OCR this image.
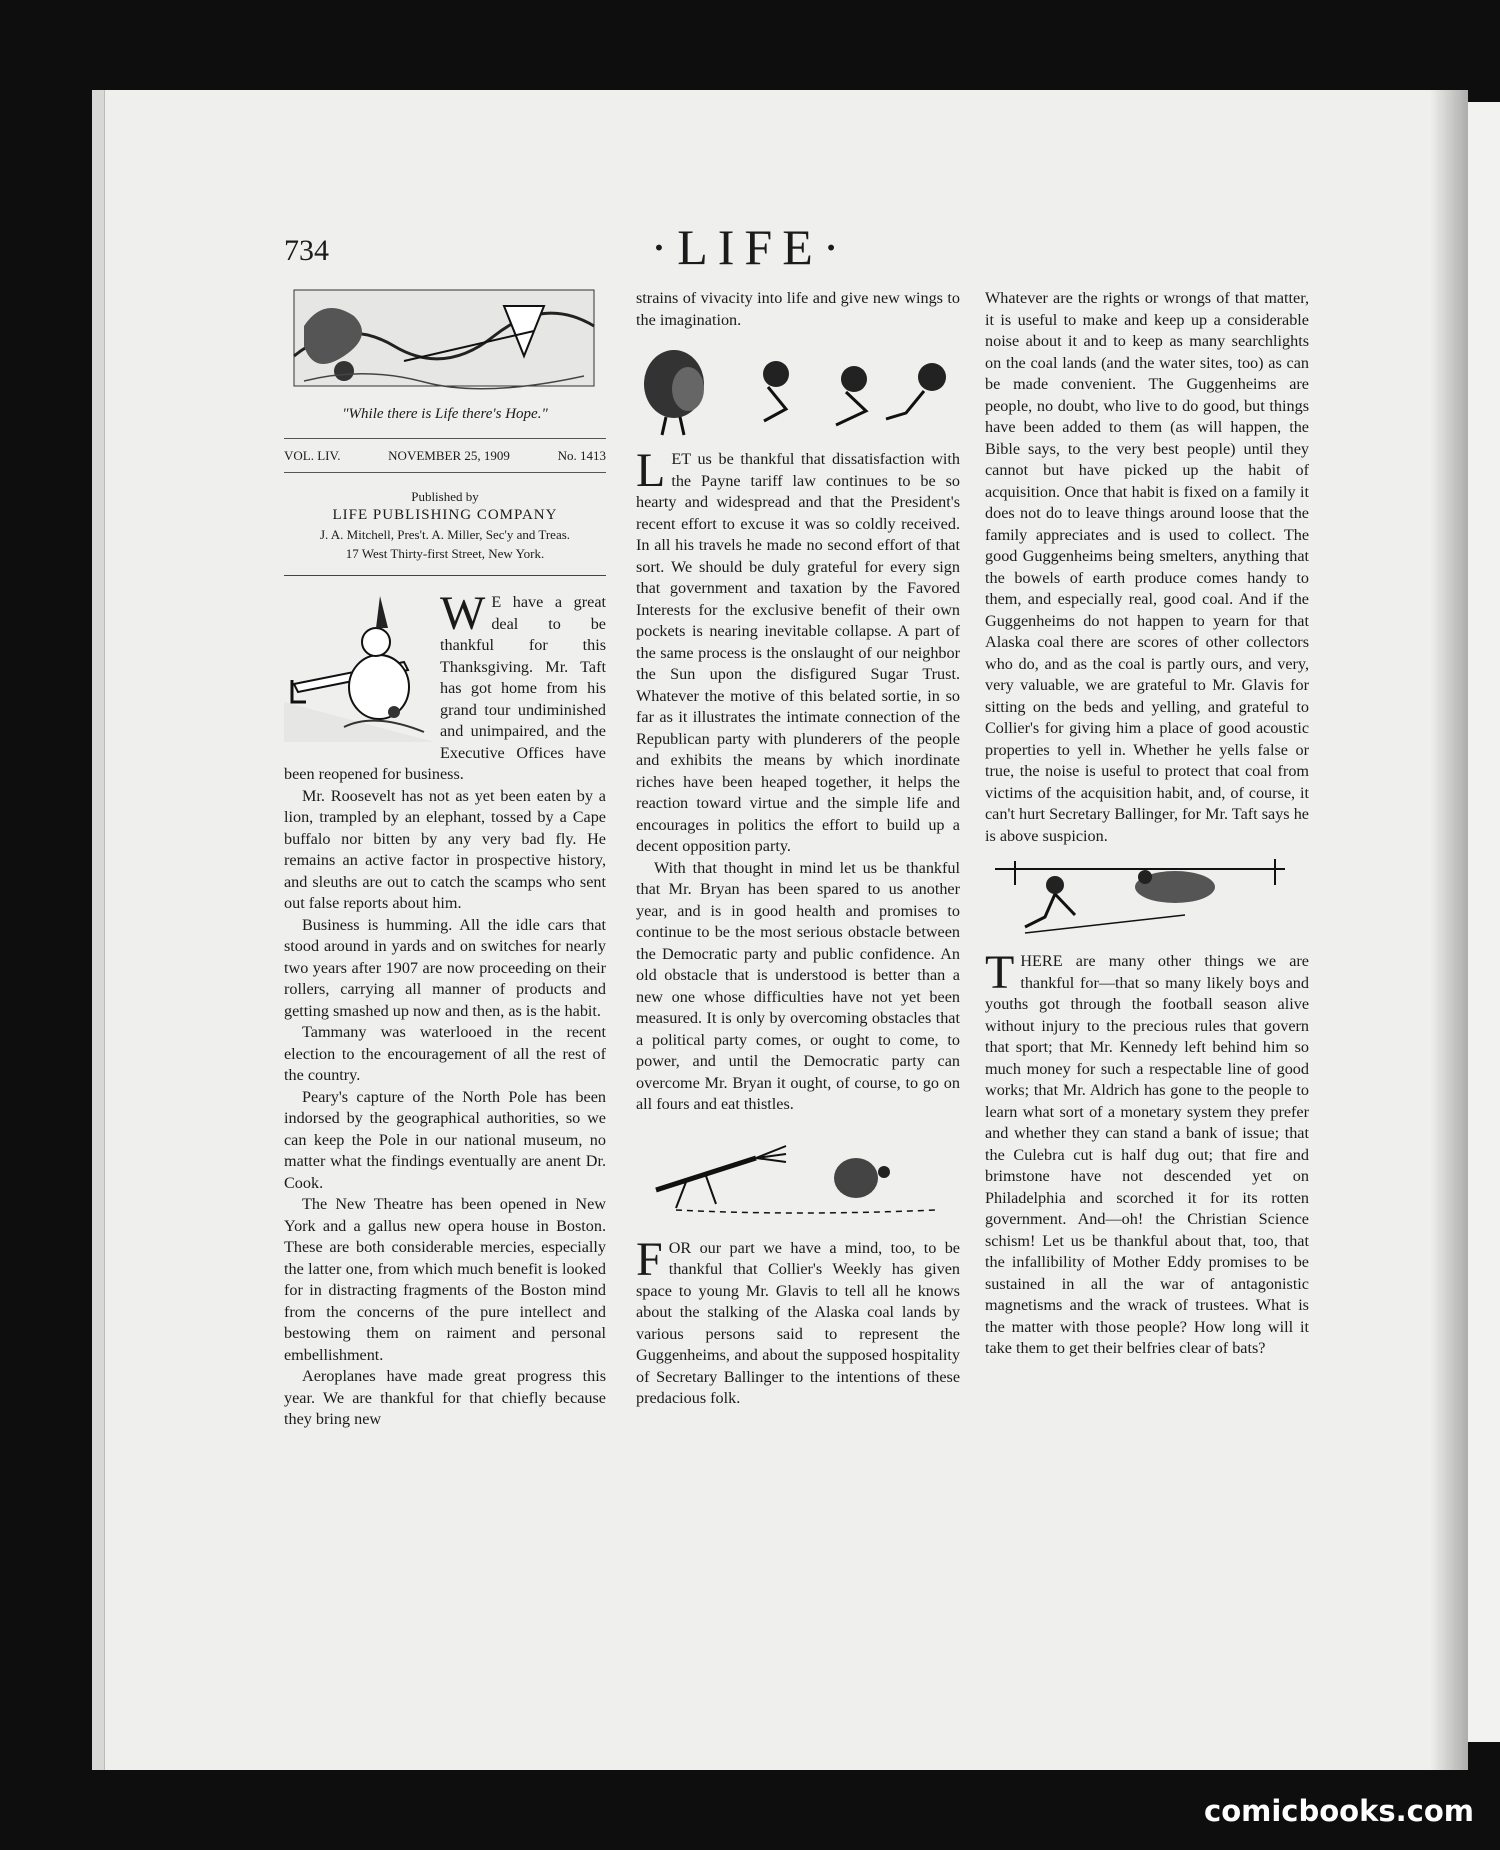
734	·LIFE·
"While there is Life there's Hope."
VOL. LIV.	NOVEMBER 25, 1909	No. 1413
Published by
LIFE PUBLISHING COMPANY
J. A. Mitchell, Pres't. A. Miller, Sec'y and Treas.
17 West Thirty-first Street, New York.

W E have a great deal to be thankful for this Thanksgiving. Mr. Taft has got home from his grand tour undiminished and unimpaired, and the Executive Offices have been reopened for business.

Mr. Roosevelt has not as yet been eaten by a lion, trampled by an elephant, tossed by a Cape buffalo nor bitten by any very bad fly. He remains an active factor in prospective history, and sleuths are out to catch the scamps who sent out false reports about him.

Business is humming. All the idle cars that stood around in yards and on switches for nearly two years after 1907 are now proceeding on their rollers, carrying all manner of products and getting smashed up now and then, as is the habit.

Tammany was waterlooed in the recent election to the encouragement of all the rest of the country.

Peary's capture of the North Pole has been indorsed by the geographical authorities, so we can keep the Pole in our national museum, no matter what the findings eventually are anent Dr. Cook.

The New Theatre has been opened in New York and a gallus new opera house in Boston. These are both considerable mercies, especially the latter one, from which much benefit is looked for in distracting fragments of the Boston mind from the concerns of the pure intellect and bestowing them on raiment and personal embellishment.

Aeroplanes have made great progress this year. We are thankful for that chiefly because they bring new

strains of vivacity into life and give new wings to the imagination.

LET us be thankful that dissatisfaction with the Payne tariff law continues to be so hearty and widespread and that the President's recent effort to excuse it was so coldly received. In all his travels he made no second effort of that sort. We should be duly grateful for every sign that government and taxation by the Favored Interests for the exclusive benefit of their own pockets is nearing inevitable collapse. A part of the same process is the onslaught of our neighbor the Sun upon the disfigured Sugar Trust. Whatever the motive of this belated sortie, in so far as it illustrates the intimate connection of the Republican party with plunderers of the people and exhibits the means by which inordinate riches have been heaped together, it helps the reaction toward virtue and the simple life and encourages in politics the effort to build up a decent opposition party.

With that thought in mind let us be thankful that Mr. Bryan has been spared to us another year, and is in good health and promises to continue to be the most serious obstacle between the Democratic party and public confidence. An old obstacle that is understood is better than a new one whose difficulties have not yet been measured. It is only by overcoming obstacles that a political party comes, or ought to come, to power, and until the Democratic party can overcome Mr. Bryan it ought, of course, to go on all fours and eat thistles.

FOR our part we have a mind, too, to be thankful that Collier's Weekly has given space to young Mr. Glavis to tell all he knows about the stalking of the Alaska coal lands by various persons said to represent the Guggenheims, and about the supposed hospitality of Secretary Ballinger to the intentions of these predacious folk.

Whatever are the rights or wrongs of that matter, it is useful to make and keep up a considerable noise about it and to keep as many searchlights on the coal lands (and the water sites, too) as can be made convenient. The Guggenheims are people, no doubt, who live to do good, but things have been added to them (as will happen, the Bible says, to the very best people) until they cannot but have picked up the habit of acquisition. Once that habit is fixed on a family it does not do to leave things around loose that the family appreciates and is used to collect. The good Guggenheims being smelters, anything that the bowels of earth produce comes handy to them, and especially real, good coal. And if the Guggenheims do not happen to yearn for that Alaska coal there are scores of other collectors who do, and as the coal is partly ours, and very, very valuable, we are grateful to Mr. Glavis for sitting on the beds and yelling, and grateful to Collier's for giving him a place of good acoustic properties to yell in. Whether he yells false or true, the noise is useful to protect that coal from victims of the acquisition habit, and, of course, it can't hurt Secretary Ballinger, for Mr. Taft says he is above suspicion.

THERE are many other things we are thankful for—that so many likely boys and youths got through the football season alive without injury to the precious rules that govern that sport; that Mr. Kennedy left behind him so much money for such a respectable line of good works; that Mr. Aldrich has gone to the people to learn what sort of a monetary system they prefer and whether they can stand a bank of issue; that the Culebra cut is half dug out; that fire and brimstone have not descended yet on Philadelphia and scorched it for its rotten government. And—oh! the Christian Science schism! Let us be thankful about that, too, that the infallibility of Mother Eddy promises to be sustained in all the war of antagonistic magnetisms and the wrack of trustees. What is the matter with those people? How long will it take them to get their belfries clear of bats?

comicbooks.com
